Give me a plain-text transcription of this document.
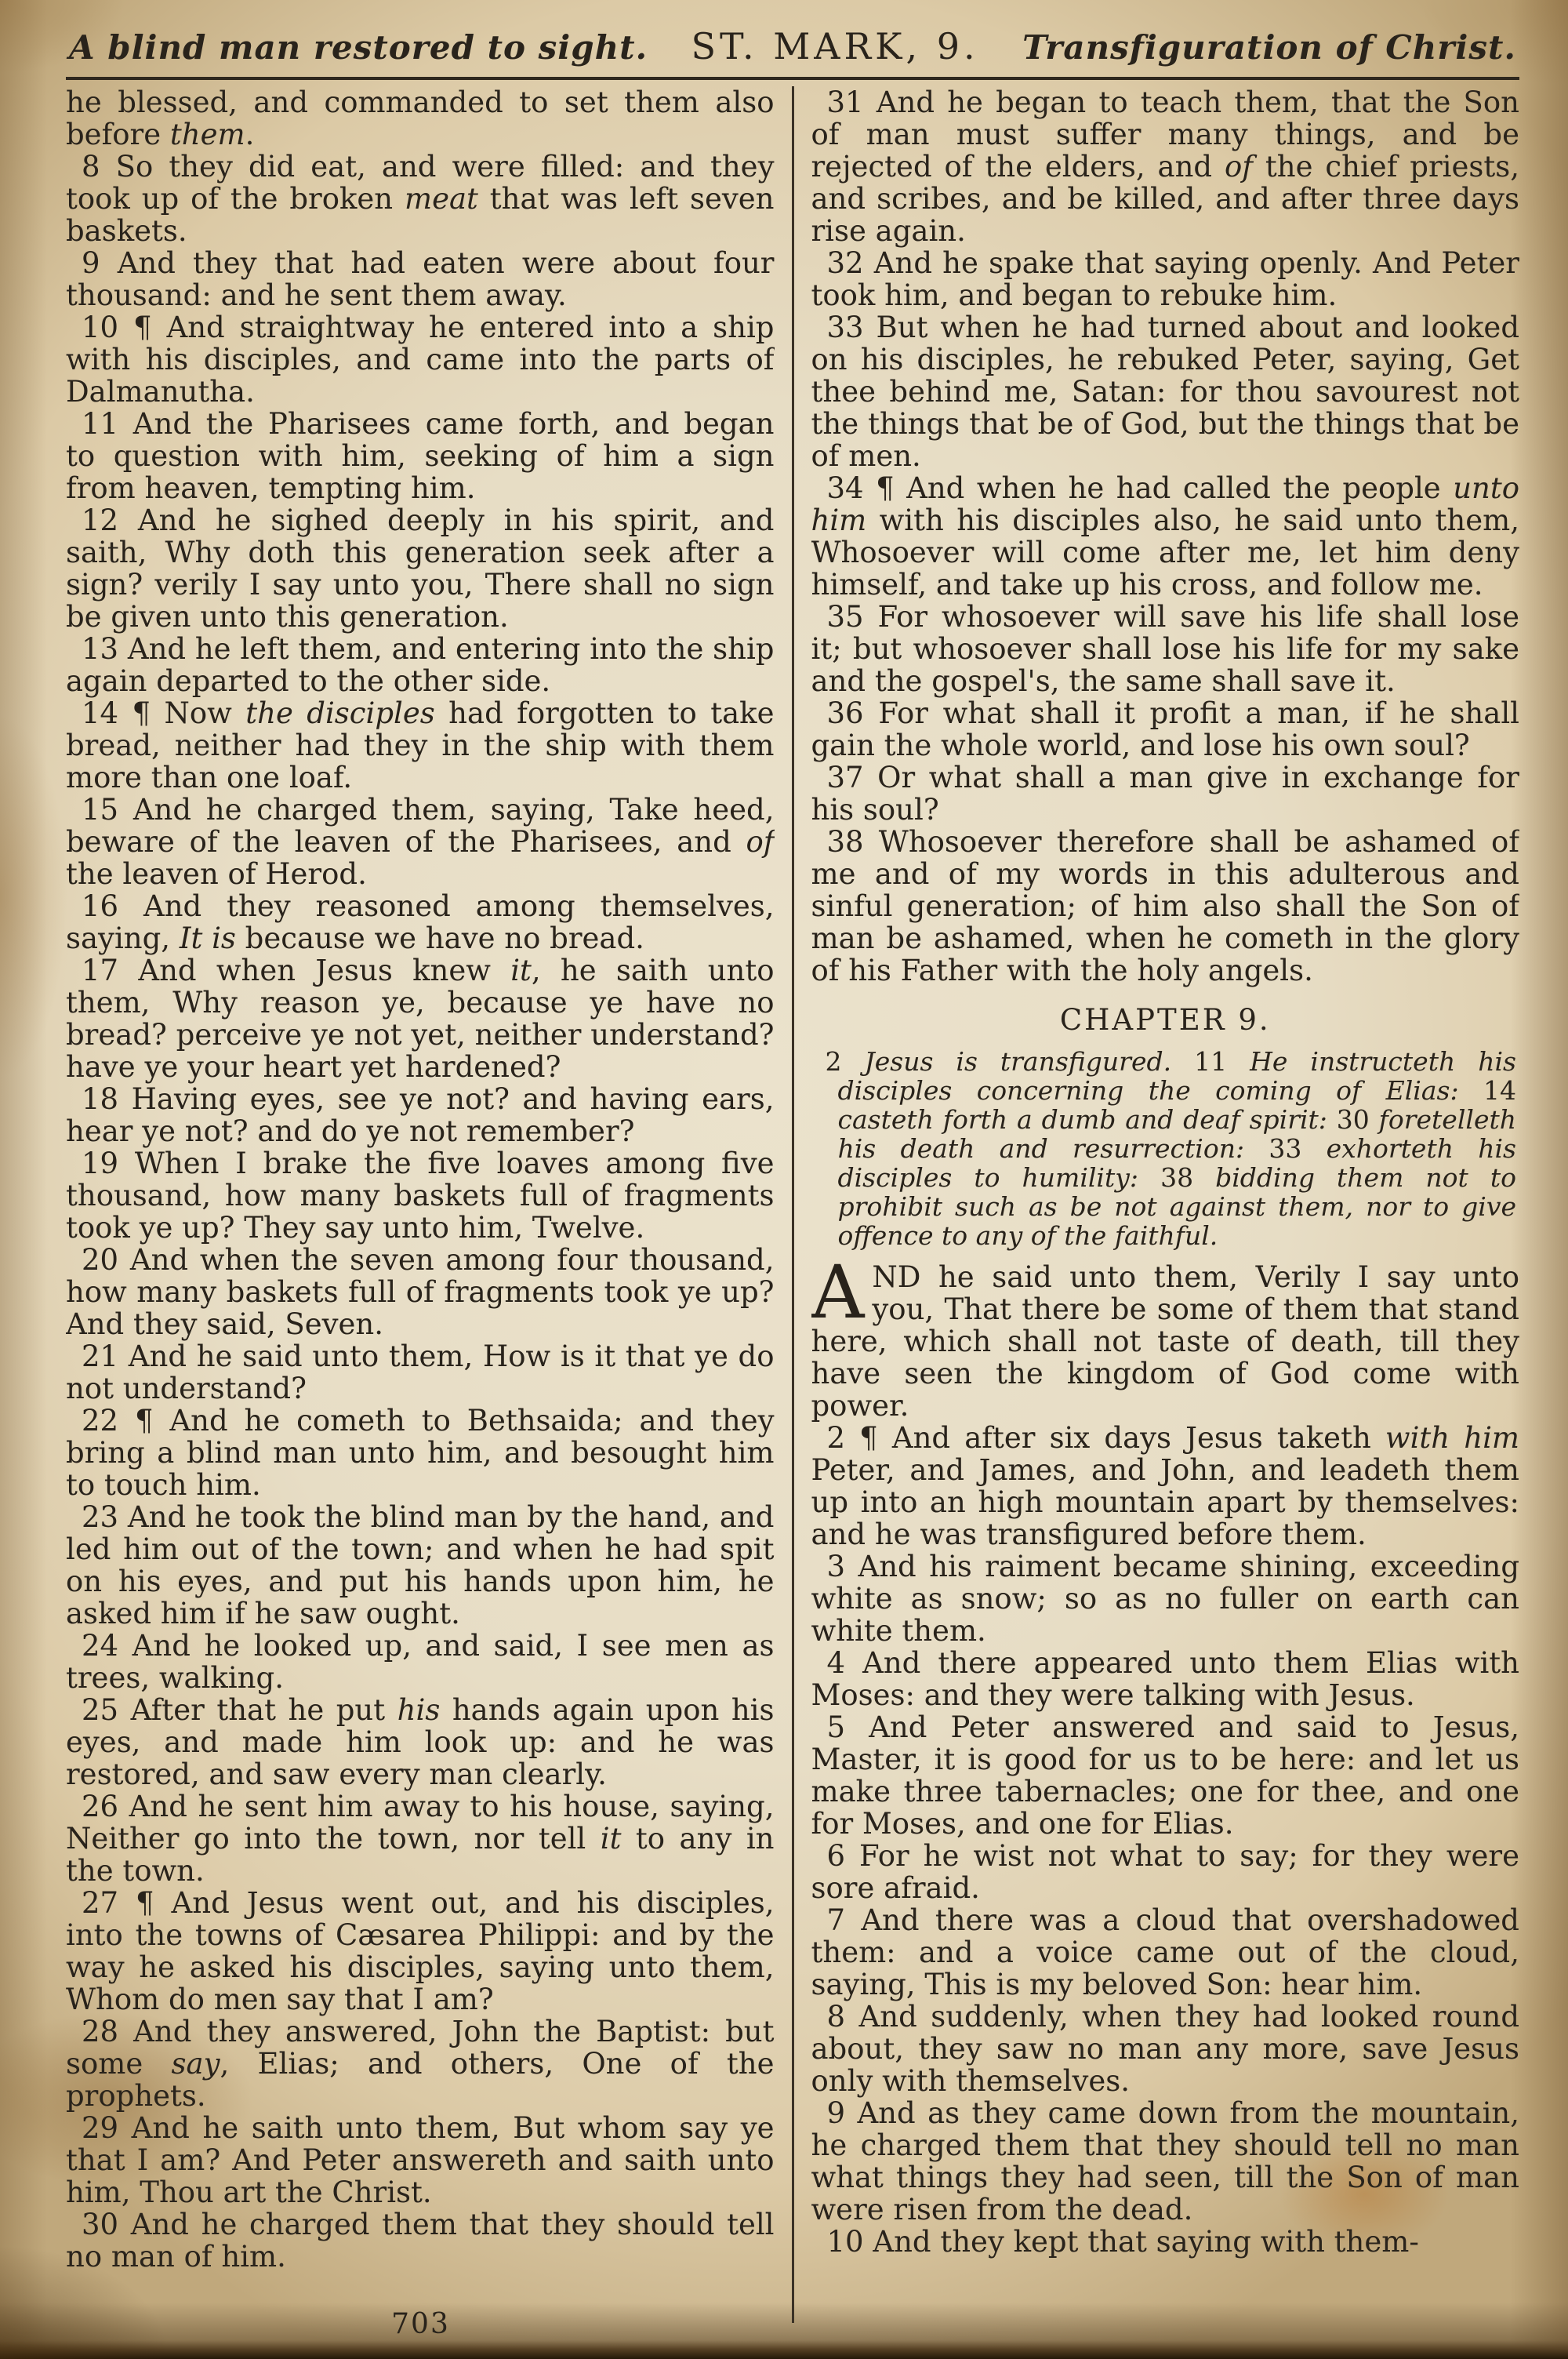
A blind man restored to sight. ST. MARK, 9. Transfiguration of Christ.

he blessed, and commanded to set them also before them.

8 So they did eat, and were filled: and they took up of the broken meat that was left seven baskets.

9 And they that had eaten were about four thousand: and he sent them away.

10 ¶ And straightway he entered into a ship with his disciples, and came into the parts of Dalmanutha.

11 And the Pharisees came forth, and began to question with him, seeking of him a sign from heaven, tempting him.

12 And he sighed deeply in his spirit, and saith, Why doth this generation seek after a sign? verily I say unto you, There shall no sign be given unto this generation.

13 And he left them, and entering into the ship again departed to the other side.

14 ¶ Now the disciples had forgotten to take bread, neither had they in the ship with them more than one loaf.

15 And he charged them, saying, Take heed, beware of the leaven of the Pharisees, and of the leaven of Herod.

16 And they reasoned among themselves, saying, It is because we have no bread.

17 And when Jesus knew it, he saith unto them, Why reason ye, because ye have no bread? perceive ye not yet, neither understand? have ye your heart yet hardened?

18 Having eyes, see ye not? and having ears, hear ye not? and do ye not remember?

19 When I brake the five loaves among five thousand, how many baskets full of fragments took ye up? They say unto him, Twelve.

20 And when the seven among four thousand, how many baskets full of fragments took ye up? And they said, Seven.

21 And he said unto them, How is it that ye do not understand?

22 ¶ And he cometh to Bethsaida; and they bring a blind man unto him, and besought him to touch him.

23 And he took the blind man by the hand, and led him out of the town; and when he had spit on his eyes, and put his hands upon him, he asked him if he saw ought.

24 And he looked up, and said, I see men as trees, walking.

25 After that he put his hands again upon his eyes, and made him look up: and he was restored, and saw every man clearly.

26 And he sent him away to his house, saying, Neither go into the town, nor tell it to any in the town.

27 ¶ And Jesus went out, and his disciples, into the towns of Cæsarea Philippi: and by the way he asked his disciples, saying unto them, Whom do men say that I am?

28 And they answered, John the Baptist: but some say, Elias; and others, One of the prophets.

29 And he saith unto them, But whom say ye that I am? And Peter answereth and saith unto him, Thou art the Christ.

30 And he charged them that they should tell no man of him.

31 And he began to teach them, that the Son of man must suffer many things, and be rejected of the elders, and of the chief priests, and scribes, and be killed, and after three days rise again.

32 And he spake that saying openly. And Peter took him, and began to rebuke him.

33 But when he had turned about and looked on his disciples, he rebuked Peter, saying, Get thee behind me, Satan: for thou savourest not the things that be of God, but the things that be of men.

34 ¶ And when he had called the people unto him with his disciples also, he said unto them, Whosoever will come after me, let him deny himself, and take up his cross, and follow me.

35 For whosoever will save his life shall lose it; but whosoever shall lose his life for my sake and the gospel's, the same shall save it.

36 For what shall it profit a man, if he shall gain the whole world, and lose his own soul?

37 Or what shall a man give in exchange for his soul?

38 Whosoever therefore shall be ashamed of me and of my words in this adulterous and sinful generation; of him also shall the Son of man be ashamed, when he cometh in the glory of his Father with the holy angels.

CHAPTER 9.

2 Jesus is transfigured. 11 He instructeth his disciples concerning the coming of Elias: 14 casteth forth a dumb and deaf spirit: 30 foretelleth his death and resurrection: 33 exhorteth his disciples to humility: 38 bidding them not to prohibit such as be not against them, nor to give offence to any of the faithful.

AND he said unto them, Verily I say unto you, That there be some of them that stand here, which shall not taste of death, till they have seen the kingdom of God come with power.

2 ¶ And after six days Jesus taketh with him Peter, and James, and John, and leadeth them up into an high mountain apart by themselves: and he was transfigured before them.

3 And his raiment became shining, exceeding white as snow; so as no fuller on earth can white them.

4 And there appeared unto them Elias with Moses: and they were talking with Jesus.

5 And Peter answered and said to Jesus, Master, it is good for us to be here: and let us make three tabernacles; one for thee, and one for Moses, and one for Elias.

6 For he wist not what to say; for they were sore afraid.

7 And there was a cloud that overshadowed them: and a voice came out of the cloud, saying, This is my beloved Son: hear him.

8 And suddenly, when they had looked round about, they saw no man any more, save Jesus only with themselves.

9 And as they came down from the mountain, he charged them that they should tell no man what things they had seen, till the Son of man were risen from the dead.

10 And they kept that saying with them-

703
